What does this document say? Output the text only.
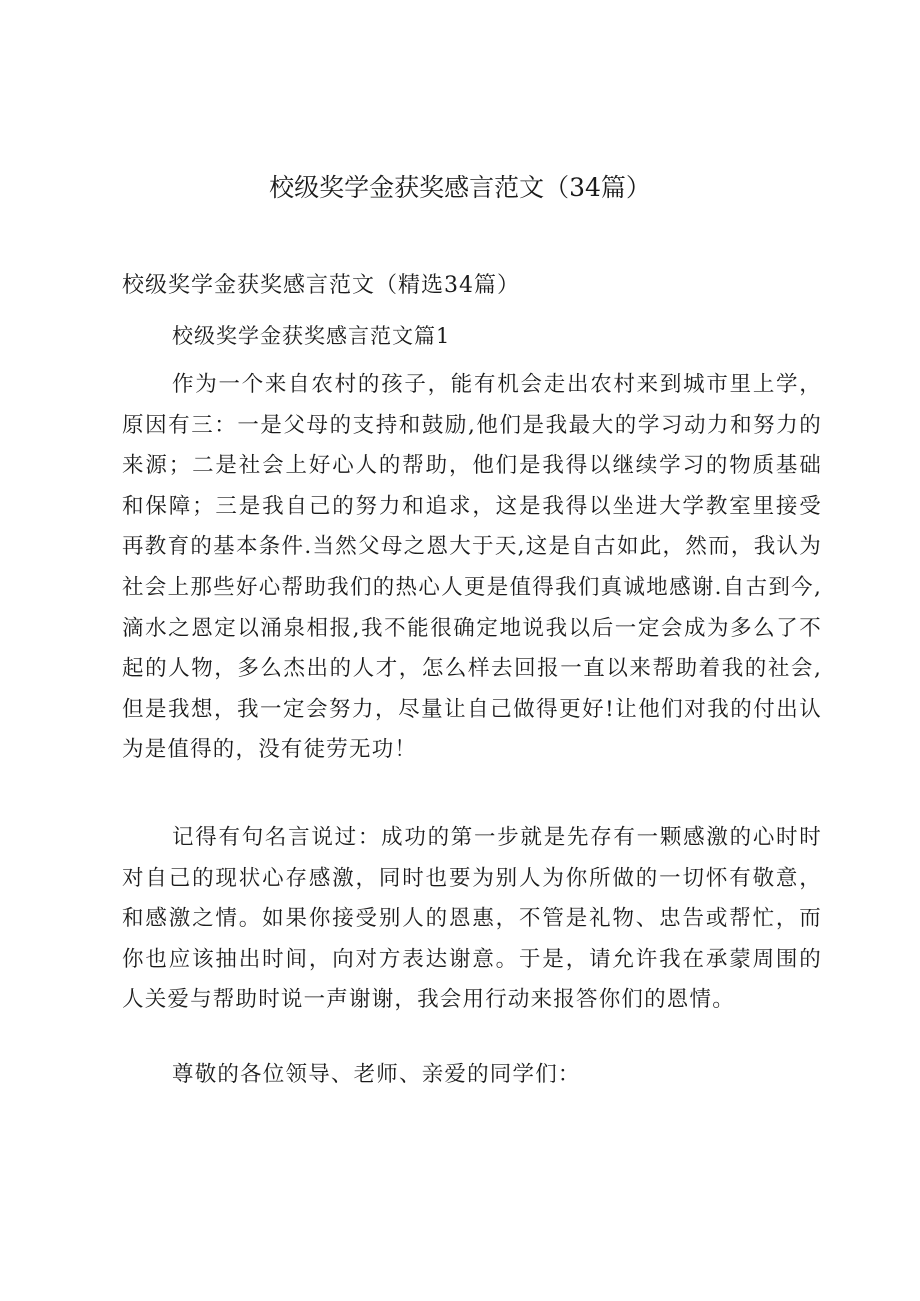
校级奖学金获奖感言范文（34篇）

校级奖学金获奖感言范文（精选34篇）

校级奖学金获奖感言范文篇1

作为一个来自农村的孩子，能有机会走出农村来到城市里上学，原因有三：一是父母的支持和鼓励,他们是我最大的学习动力和努力的来源；二是社会上好心人的帮助，他们是我得以继续学习的物质基础和保障；三是我自己的努力和追求，这是我得以坐进大学教室里接受再教育的基本条件.当然父母之恩大于天,这是自古如此，然而，我认为社会上那些好心帮助我们的热心人更是值得我们真诚地感谢.自古到今,滴水之恩定以涌泉相报,我不能很确定地说我以后一定会成为多么了不起的人物，多么杰出的人才，怎么样去回报一直以来帮助着我的社会,但是我想，我一定会努力，尽量让自己做得更好!让他们对我的付出认为是值得的，没有徒劳无功！

记得有句名言说过：成功的第一步就是先存有一颗感激的心时时对自己的现状心存感激，同时也要为别人为你所做的一切怀有敬意，和感激之情。如果你接受别人的恩惠，不管是礼物、忠告或帮忙，而你也应该抽出时间，向对方表达谢意。于是，请允许我在承蒙周围的人关爱与帮助时说一声谢谢，我会用行动来报答你们的恩情。

尊敬的各位领导、老师、亲爱的同学们：
